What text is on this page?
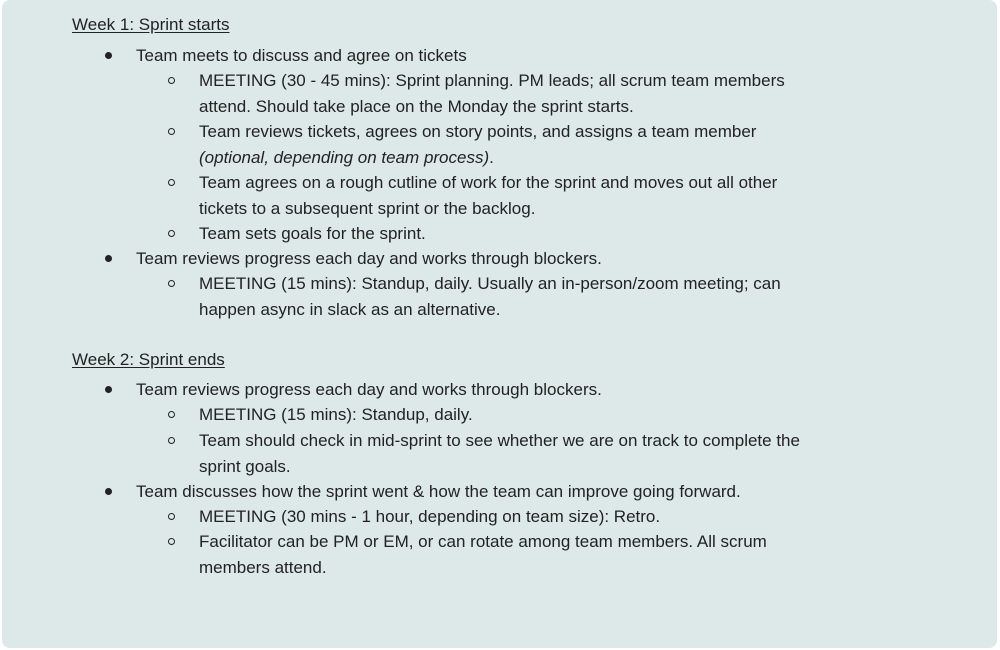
Week 1: Sprint starts
Team meets to discuss and agree on tickets
MEETING (30 - 45 mins): Sprint planning. PM leads; all scrum team members
attend. Should take place on the Monday the sprint starts.
Team reviews tickets, agrees on story points, and assigns a team member
(optional, depending on team process).
Team agrees on a rough cutline of work for the sprint and moves out all other
tickets to a subsequent sprint or the backlog.
Team sets goals for the sprint.
Team reviews progress each day and works through blockers.
MEETING (15 mins): Standup, daily. Usually an in-person/zoom meeting; can
happen async in slack as an alternative.
Week 2: Sprint ends
Team reviews progress each day and works through blockers.
MEETING (15 mins): Standup, daily.
Team should check in mid-sprint to see whether we are on track to complete the
sprint goals.
Team discusses how the sprint went & how the team can improve going forward.
MEETING (30 mins - 1 hour, depending on team size): Retro.
Facilitator can be PM or EM, or can rotate among team members. All scrum
members attend.
